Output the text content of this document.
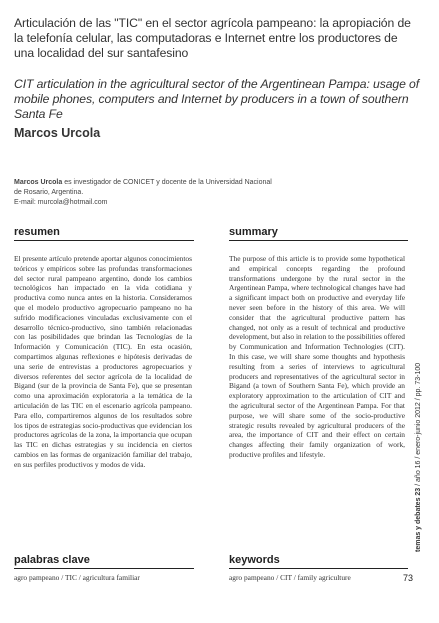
Articulación de las "TIC" en el sector agrícola pampeano: la apropiación de la telefonía celular, las computadoras e Internet entre los productores de una localidad del sur santafesino
CIT articulation in the agricultural sector of the Argentinean Pampa: usage of mobile phones, computers and Internet by producers in a town of southern Santa Fe
Marcos Urcola
Marcos Urcola es investigador de CONICET y docente de la Universidad Nacional de Rosario, Argentina.
E-mail: murcola@hotmail.com
resumen

El presente artículo pretende aportar algunos conocimientos teóricos y empíricos sobre las profundas transformaciones del sector rural pampeano argentino, donde los cambios tecnológicos han impactado en la vida cotidiana y productiva como nunca antes en la historia. Consideramos que el modelo productivo agropecuario pampeano no ha sufrido modificaciones vinculadas exclusivamente con el desarrollo técnico-productivo, sino también relacionadas con las posibilidades que brindan las Tecnologías de la Información y Comunicación (TIC). En esta ocasión, compartimos algunas reflexiones e hipótesis derivadas de una serie de entrevistas a productores agropecuarios y diversos referentes del sector agrícola de la localidad de Bigand (sur de la provincia de Santa Fe), que se presentan como una aproximación exploratoria a la temática de la articulación de las TIC en el escenario agrícola pampeano. Para ello, compartiremos algunos de los resultados sobre los tipos de estrategias socio-productivas que evidencian los productores agrícolas de la zona, la importancia que ocupan las TIC en dichas estrategias y su incidencia en ciertos cambios en las formas de organización familiar del trabajo, en sus perfiles productivos y modos de vida.

summary

The purpose of this article is to provide some hypothetical and empirical concepts regarding the profound transformations undergone by the rural sector in the Argentinean Pampa, where technological changes have had a significant impact both on productive and everyday life never seen before in the history of this area. We will consider that the agricultural productive pattern has changed, not only as a result of technical and productive development, but also in relation to the possibilities offered by Communication and Information Technologies (CIT). In this case, we will share some thoughts and hypothesis resulting from a series of interviews to agricultural producers and representatives of the agricultural sector in Bigand (a town of Southern Santa Fe), which provide an exploratory approximation to the articulation of CIT and the agricultural sector of the Argentinean Pampa. For that purpose, we will share some of the socio-productive strategic results revealed by agricultural producers of the area, the importance of CIT and their effect on certain changes affecting their family organization of work, productive profiles and lifestyle.

palabras clave
agro pampeano / TIC / agricultura familiar
keywords
agro pampeano / CIT / family agriculture
temas y debates 23 / año 16 / enero-junio 2012 / pp. 73-100
73
